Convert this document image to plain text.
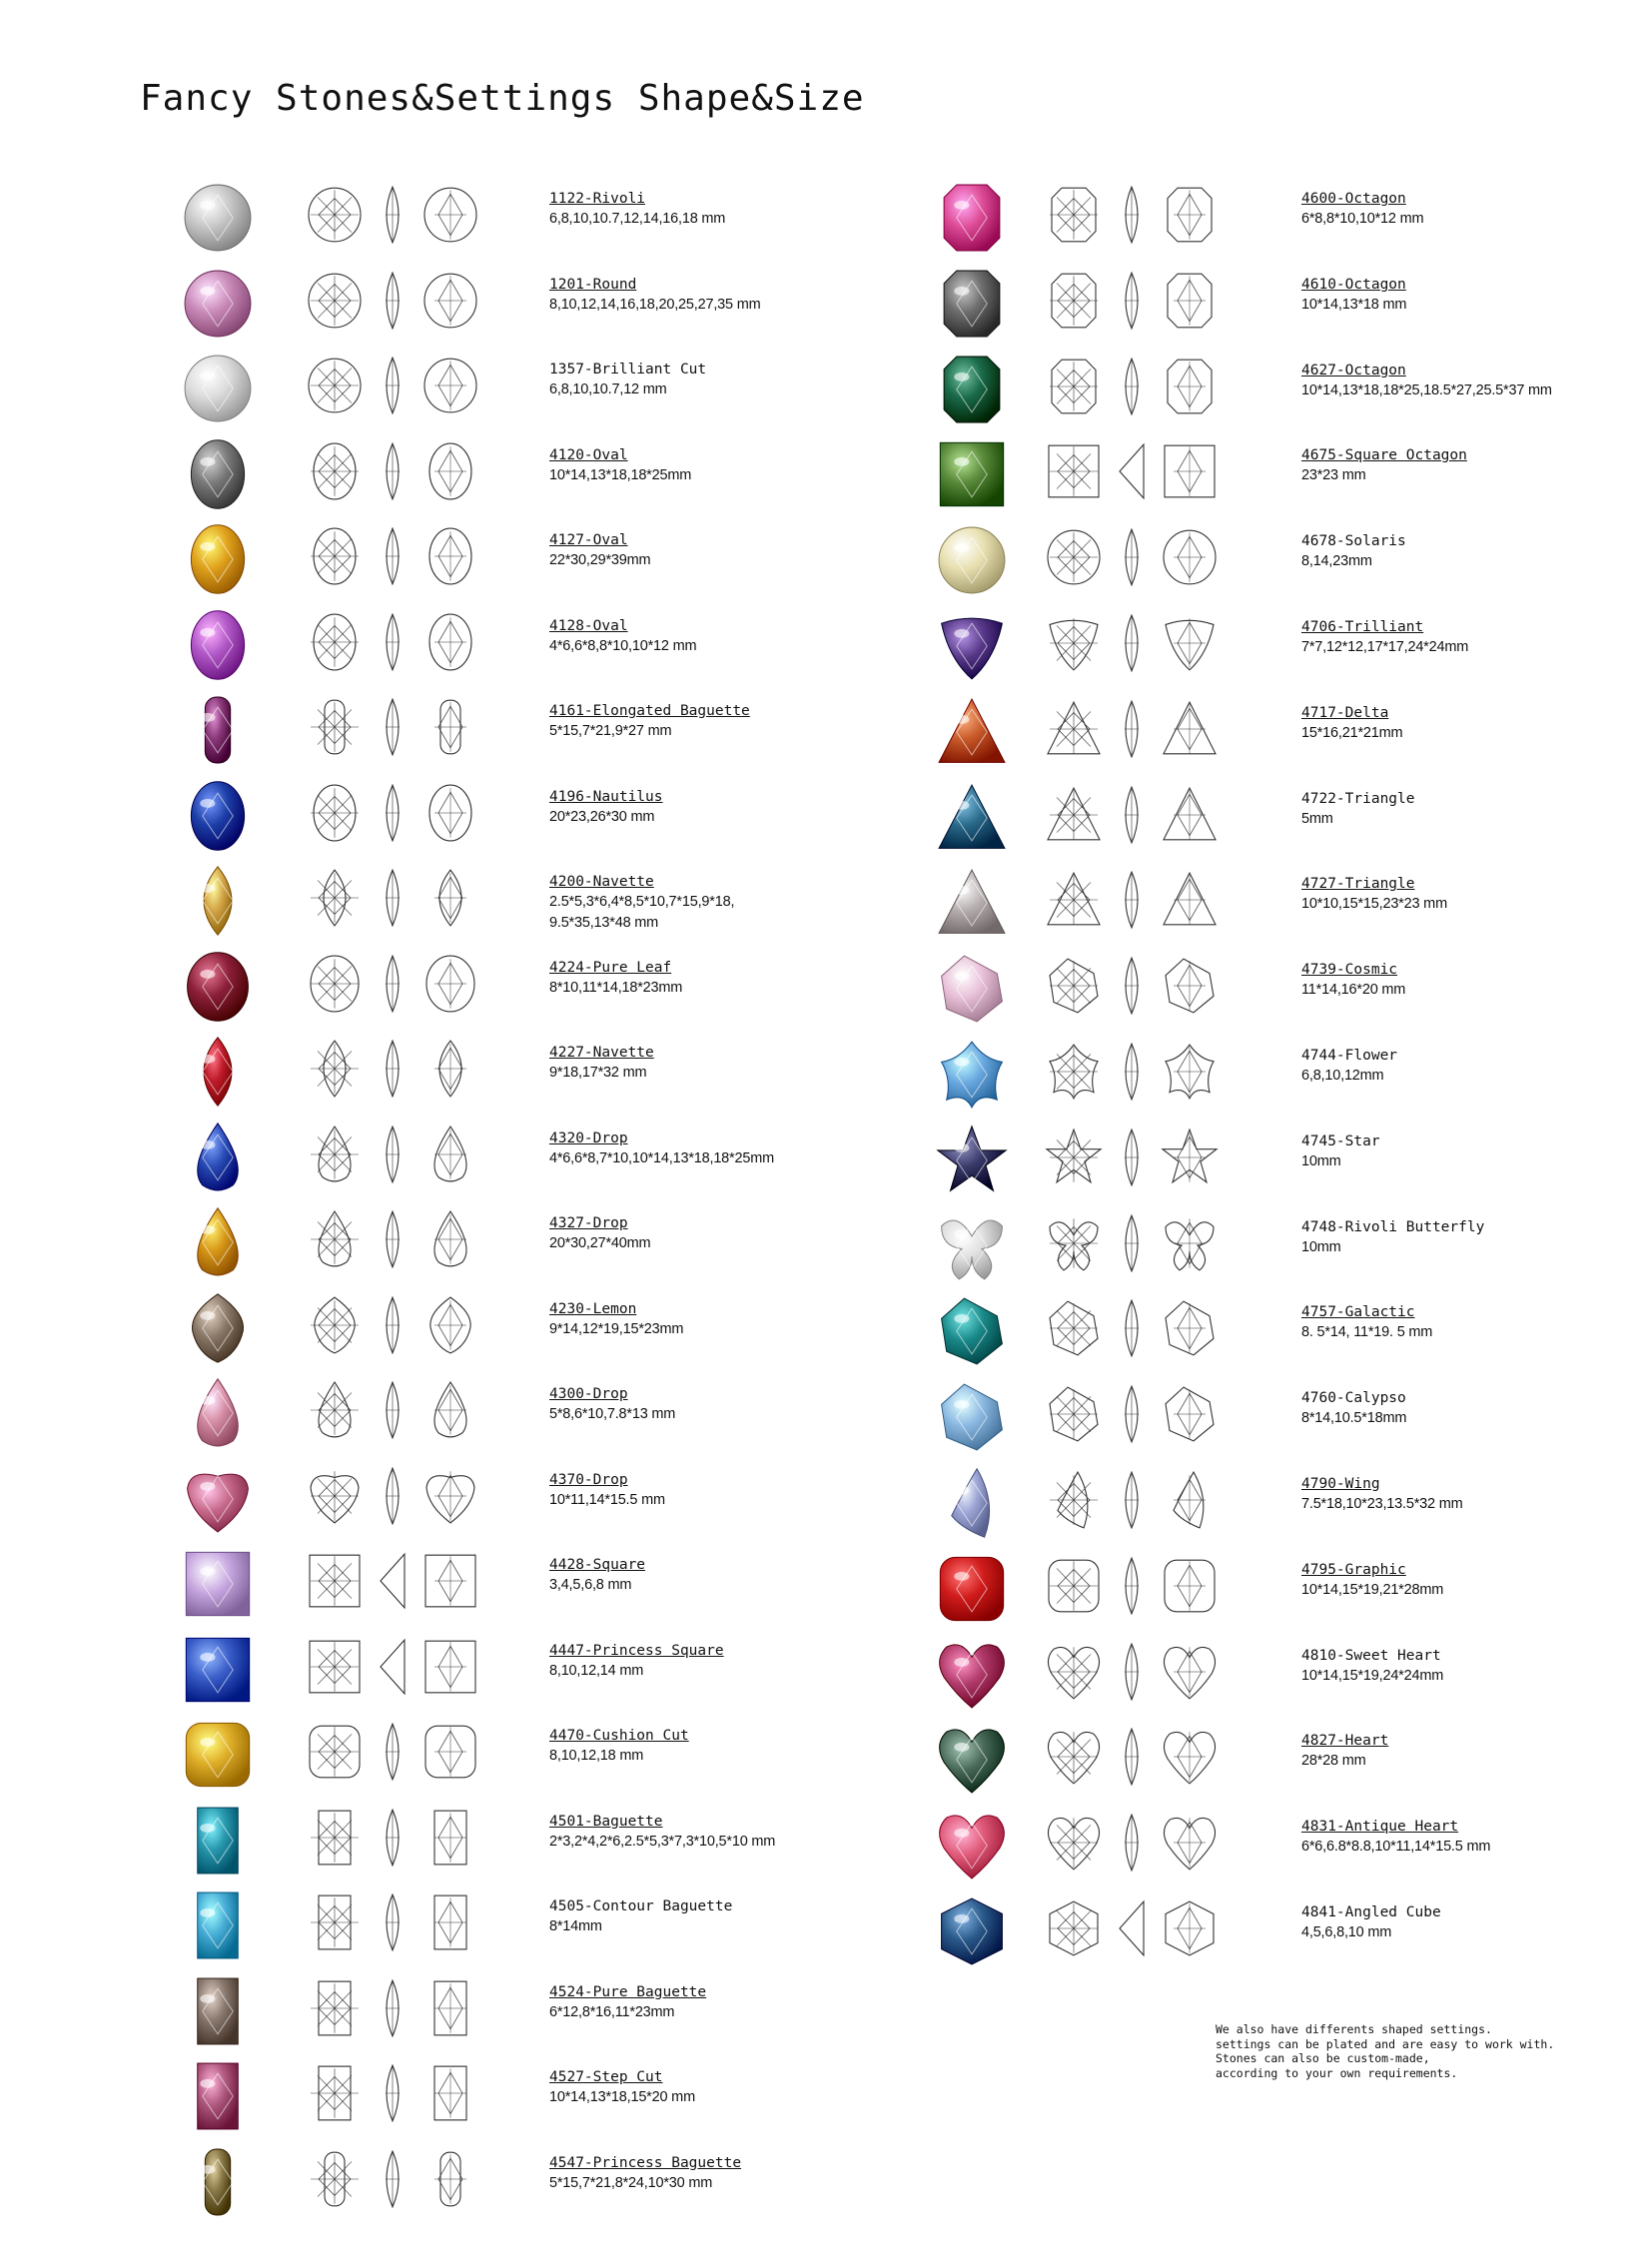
Fancy Stones&Settings Shape&Size
1122-Rivoli
6,8,10,10.7,12,14,16,18 mm
1201-Round
8,10,12,14,16,18,20,25,27,35 mm
1357-Brilliant Cut
6,8,10,10.7,12 mm
4120-Oval
10*14,13*18,18*25mm
4127-Oval
22*30,29*39mm
4128-Oval
4*6,6*8,8*10,10*12 mm
4161-Elongated Baguette
5*15,7*21,9*27 mm
4196-Nautilus
20*23,26*30 mm
4200-Navette
2.5*5,3*6,4*8,5*10,7*15,9*18,
9.5*35,13*48 mm
4224-Pure Leaf
8*10,11*14,18*23mm
4227-Navette
9*18,17*32 mm
4320-Drop
4*6,6*8,7*10,10*14,13*18,18*25mm
4327-Drop
20*30,27*40mm
4230-Lemon
9*14,12*19,15*23mm
4300-Drop
5*8,6*10,7.8*13 mm
4370-Drop
10*11,14*15.5 mm
4428-Square
3,4,5,6,8 mm
4447-Princess Square
8,10,12,14 mm
4470-Cushion Cut
8,10,12,18 mm
4501-Baguette
2*3,2*4,2*6,2.5*5,3*7,3*10,5*10 mm
4505-Contour Baguette
8*14mm
4524-Pure Baguette
6*12,8*16,11*23mm
4527-Step Cut
10*14,13*18,15*20 mm
4547-Princess Baguette
5*15,7*21,8*24,10*30 mm
4600-Octagon
6*8,8*10,10*12 mm
4610-Octagon
10*14,13*18 mm
4627-Octagon
10*14,13*18,18*25,18.5*27,25.5*37 mm
4675-Square Octagon
23*23 mm
4678-Solaris
8,14,23mm
4706-Trilliant
7*7,12*12,17*17,24*24mm
4717-Delta
15*16,21*21mm
4722-Triangle
5mm
4727-Triangle
10*10,15*15,23*23 mm
4739-Cosmic
11*14,16*20 mm
4744-Flower
6,8,10,12mm
4745-Star
10mm
4748-Rivoli Butterfly
10mm
4757-Galactic
8. 5*14, 11*19. 5 mm
4760-Calypso
8*14,10.5*18mm
4790-Wing
7.5*18,10*23,13.5*32 mm
4795-Graphic
10*14,15*19,21*28mm
4810-Sweet Heart
10*14,15*19,24*24mm
4827-Heart
28*28 mm
4831-Antique Heart
6*6,6.8*8.8,10*11,14*15.5 mm
4841-Angled Cube
4,5,6,8,10 mm
We also have differents shaped settings.
settings can be plated and are easy to work with.
Stones can also be custom-made,
according to your own requirements.
